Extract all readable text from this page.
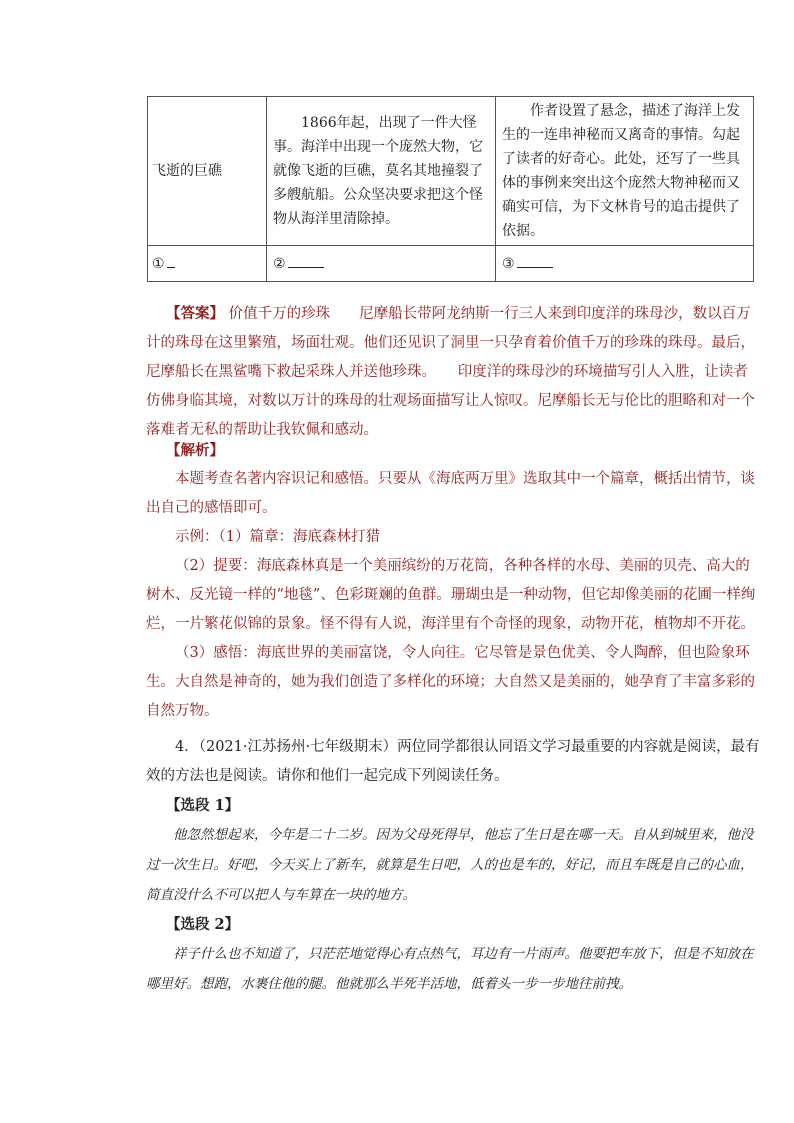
飞逝的巨礁	1866年起，出现了一件大怪事。海洋中出现一个庞然大物，它就像飞逝的巨礁，莫名其地撞裂了多艘航船。公众坚决要求把这个怪物从海洋里清除掉。	作者设置了悬念，描述了海洋上发生的一连串神秘而又离奇的事情。勾起了读者的好奇心。此处，还写了一些具体的事例来突出这个庞然大物神秘而又确实可信，为下文林肯号的追击提供了依据。

①	②	③
【答案】 价值千万的珍珠　　尼摩船长带阿龙纳斯一行三人来到印度洋的珠母沙，数以百万计的珠母在这里繁殖，场面壮观。他们还见识了洞里一只孕育着价值千万的珍珠的珠母。最后，尼摩船长在黑鲨嘴下救起采珠人并送他珍珠。　　印度洋的珠母沙的环境描写引人入胜，让读者仿佛身临其境，对数以万计的珠母的壮观场面描写让人惊叹。尼摩船长无与伦比的胆略和对一个落难者无私的帮助让我钦佩和感动。
【解析】
本题考查名著内容识记和感悟。只要从《海底两万里》选取其中一个篇章，概括出情节，谈出自己的感悟即可。
示例：（1）篇章：海底森林打猎
（2）提要：海底森林真是一个美丽缤纷的万花筒，各种各样的水母、美丽的贝壳、高大的树木、反光镜一样的“地毯”、色彩斑斓的鱼群。珊瑚虫是一种动物，但它却像美丽的花圃一样绚烂，一片繁花似锦的景象。怪不得有人说，海洋里有个奇怪的现象，动物开花，植物却不开花。
（3）感悟：海底世界的美丽富饶，令人向往。它尽管是景色优美、令人陶醉，但也险象环生。大自然是神奇的，她为我们创造了多样化的环境；大自然又是美丽的，她孕育了丰富多彩的自然万物。
4．（2021·江苏扬州·七年级期末）两位同学都很认同语文学习最重要的内容就是阅读，最有效的方法也是阅读。请你和他们一起完成下列阅读任务。
【选段 1】
他忽然想起来，今年是二十二岁。因为父母死得早，他忘了生日是在哪一天。自从到城里来，他没过一次生日。好吧，今天买上了新车，就算是生日吧，人的也是车的，好记，而且车既是自己的心血，简直没什么不可以把人与车算在一块的地方。
【选段 2】
祥子什么也不知道了，只茫茫地觉得心有点热气，耳边有一片雨声。他要把车放下，但是不知放在哪里好。想跑，水裹住他的腿。他就那么半死半活地，低着头一步一步地往前拽。
